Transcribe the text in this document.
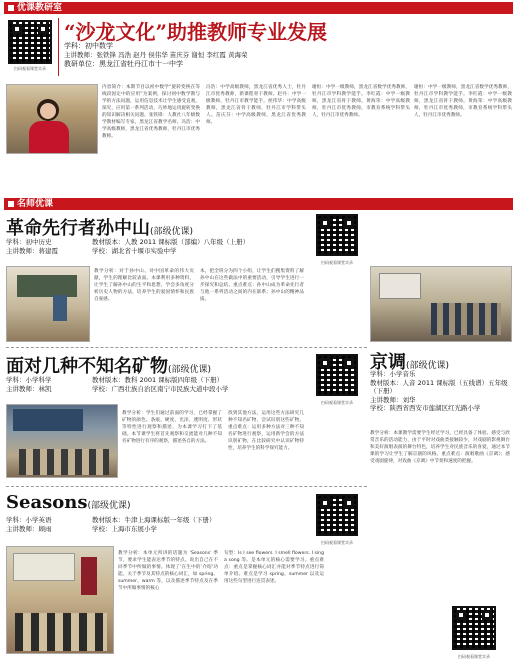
优课教研室
扫码观看课堂实录
“沙龙文化”助推教师专业发展
学科：初中数学
主讲教师：张铁锋 冯浩 赵丹 侯伟华 苗庆芬 谢恒 李红霞 黄海荣
教研单位：黑龙江省牡丹江市十一中学
内容简介：本期节目以初中数学“旋转变换在等线段固定中的应用”为案例，探讨初中数学教与学的方法问题，运用信息技术让学生感受直观，探究、应用第一系列活动，巧妙地运用旋转变换的知识解决相关问题。张铁锋：人教社八年级数学教材编写专家，黑龙江省教学名师。冯浩：中学高级教师，黑龙江省优秀教师，牡丹江市优秀教师。
冯浩：中学高级教师，黑龙江省优秀人士，牡丹江市优秀教师，新课程骨干教师。赵丹：中学一级教师，牡丹江市教学能手。侯伟华：中学高级教师，黑龙江省骨干教师，牡丹江市学科带头人。苗庆芬：中学高级教师，黑龙江省优秀教师。
谢恒：中学一级教师，黑龙江省数学优秀教师，牡丹江市学科教学能手。李红霞：中学一级教师，黑龙江省骨干教师。黄海荣：中学高级教师，牡丹江市优秀教师，市教育系统学科带头人，牡丹江市优秀教师。
谢恒：中学一级教师，黑龙江省数学优秀教师，牡丹江市学科教学能手。李红霞：中学一级教师，黑龙江省骨干教师。黄海荣：中学高级教师，牡丹江市优秀教师，市教育系统学科带头人，牡丹江市优秀教师。
名师优课
革命先行者孙中山(部级优课)
学科：初中历史	教材版本：人教 2011 课标版（部编）八年级（上册）
主讲教师：蒋建霞	学校：湖北省十堰市实验中学
扫码观看课堂实录
教学分析：对于孙中山、对中国革命的伟大贡献，学生的理解比较表面。本课利用多种资料，让学生了解孙中山的生平和思想，学会多角度分析历史人物的方法，培养学生的爱国情怀和民族自豪感。
本，把全班分为四个小组，让学生们搜集资料了解孙中山在这些做法中的重要活动，引导学生进行一步探究和总结。重点难点：孙中山成为革命先行者与他一系列活动之间的内在联系；孙中山的精神品质。
面对几种不知名矿物(部级优课)
学科：小学科学	教材版本：教科 2001 课标版四年级（下册）
主讲教师：林凯	学校：广西壮族自治区南宁市民族大道中段小学
扫码观看课堂实录
教学分析：学生们通过前面的学习，已经掌握了矿物的颜色、条痕、硬度、光泽、透明度、形状等特性进行观察和描述，为本课学习打下了基础。本节课学生将首先观察和交流能对几种不知名矿物进行有序的观察，描述各自的方法。
找到其他方法，运用这些方法研究几种不知名矿物，尝试识别这些矿物。重点难点：运用多种方法对三种不知名矿物进行观察，运用新学会的方法识别矿物，在比较研究中认识矿物特性，培养学生的科学探究能力。
京调(部级优课)
学科：小学音乐
教材版本：人音 2011 课标版（五线谱）五年级（下册）
主讲教师：刘华
学校：陕西省西安市莲湖区红光路小学
教学分析：本课教学需要学生经过学习，已经具备了体验、感受与欣赏音乐的活动能力，由于平时对戏曲类接触较少，对戏剧的影视舞台和美好演唱表演的舞台特色，培养学生对民族音乐的喜爱，通过本节课的学习让学生了解京剧的风格。重点难点：演唱歌曲《京调》；感受戏剧旋律，对戏曲《京调》中节奏和速度的把握。
扫码观看课堂实录
Seasons(部级优课)
学科：小学英语	教材版本：牛津上海课标版一年级（下册）
主讲教师：顾雨	学校：上海市东展小学
扫码观看课堂实录
教学分析：本单元所讲的话题为 ‘Seasons’ 季节，要求学生能表达季节的特点。说出自己在不同季节中所做的事情。体现了‘在生中的’介绍‘功能。关于季节及其特点的核心词汇，如 spring、summer、warm 等，以及描述季节特点及在季节中所做事情的核心
句型：Is I see flowers. I smell flowers. I sing a song 等。是本单元的核心需要学习。重点难点：重点是掌握核心词汇并能对季节特点进行简单介绍。难点是学习 spring、summer 以及运用这些句型进行连贯表述。
